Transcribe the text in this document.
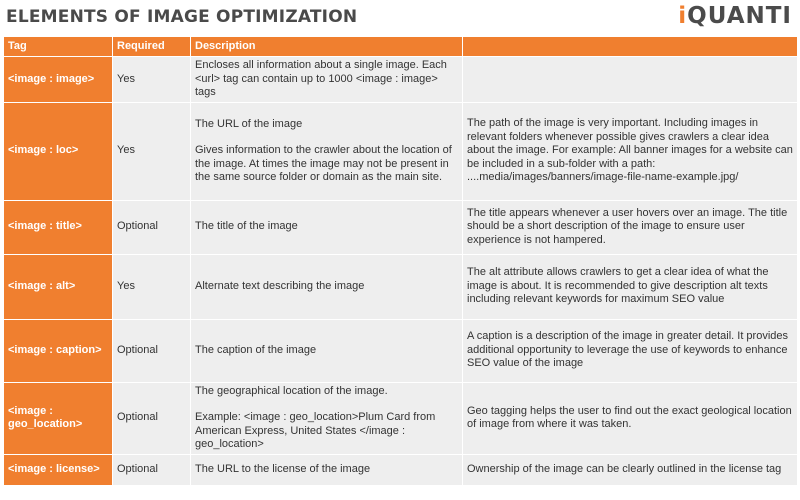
ELEMENTS OF IMAGE OPTIMIZATION	iQUANTI
Tag	Required	Description	
<image : image>	Yes	Encloses all information about a single image. Each <url> tag can contain up to 1000 <image : image> tags	

<image : loc>	Yes	The URL of the image
Gives information to the crawler about the location of the image. At times the image may not be present in the same source folder or domain as the main site.	The path of the image is very important. Including images in relevant folders whenever possible gives crawlers a clear idea about the image. For example: All banner images for a website can be included in a sub-folder with a path: ....media/images/banners/image-file-name-example.jpg/
<image : title>	Optional	The title of the image	The title appears whenever a user hovers over an image. The title should be a short description of the image to ensure user experience is not hampered.
<image : alt>	Yes	Alternate text describing the image	The alt attribute allows crawlers to get a clear idea of what the image is about. It is recommended to give description alt texts including relevant keywords for maximum SEO value
<image : caption>	Optional	The caption of the image	A caption is a description of the image in greater detail. It provides additional opportunity to leverage the use of keywords to enhance SEO value of the image
<image : geo_location>	Optional	The geographical location of the image.
Example: <image : geo_location>Plum Card from American Express, United States </image : geo_location>	Geo tagging helps the user to find out the exact geological location of image from where it was taken.
<image : license>	Optional	The URL to the license of the image	Ownership of the image can be clearly outlined in the license tag
